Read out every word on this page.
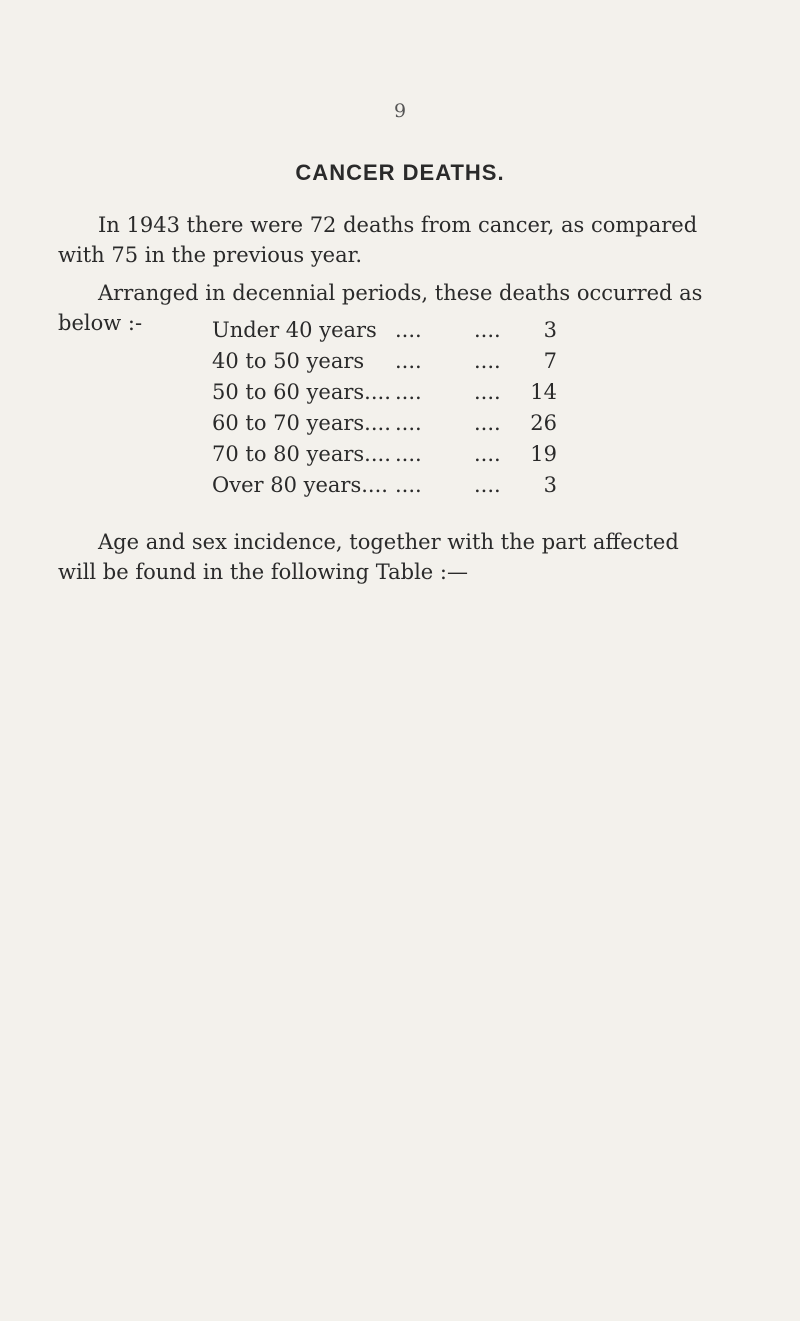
9
CANCER DEATHS.

In 1943 there were 72 deaths from cancer, as compared with 75 in the previous year.

Arranged in decennial periods, these deaths occurred as below :-	Under 40 years .... .... 3
40 to 50 years .... .... 7
50 to 60 years.... .... .... 14
60 to 70 years.... .... .... 26
70 to 80 years.... .... .... 19
Over 80 years.... .... .... 3

Age and sex incidence, together with the part affected will be found in the following Table :—
